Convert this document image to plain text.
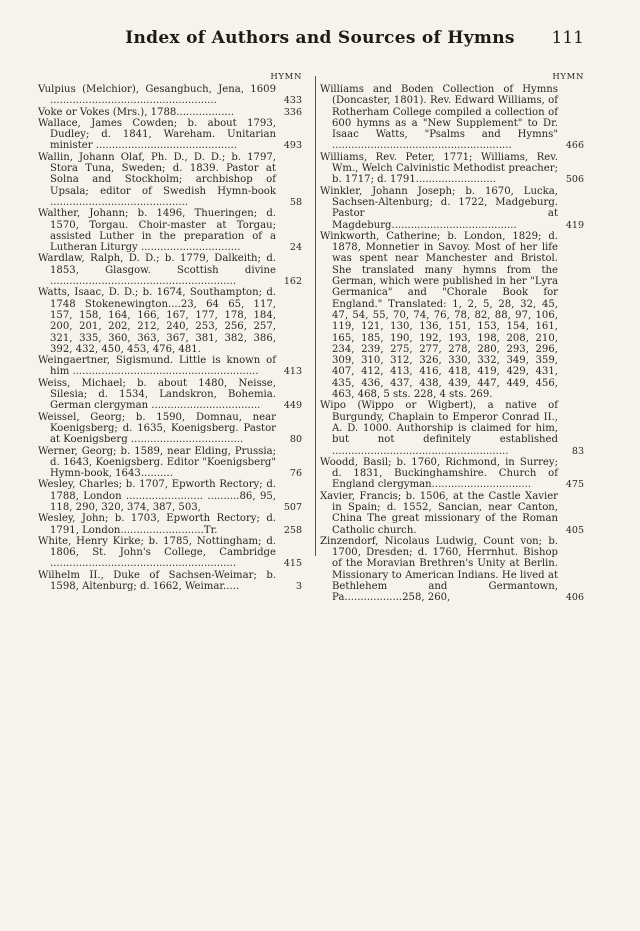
Index of Authors and Sources of Hymns	111
HYMN
Vulpius (Melchior), Gesangbuch, Jena, 1609 ....................................................	433
Voke or Vokes (Mrs.), 1788..................	336
Wallace, James Cowden; b. about 1793, Dudley; d. 1841, Wareham. Unitarian minister ............................................	493
Wallin, Johann Olaf, Ph. D., D. D.; b. 1797, Stora Tuna, Sweden; d. 1839. Pastor at Solna and Stockholm; archbishop of Upsala; editor of Swedish Hymn-book ...........................................	58
Walther, Johann; b. 1496, Thueringen; d. 1570, Torgau. Choir-master at Torgau; assisted Luther in the preparation of a Lutheran Liturgy ...............................	24
Wardlaw, Ralph, D. D.; b. 1779, Dalkeith; d. 1853, Glasgow. Scottish divine ..........................................................	162
Watts, Isaac, D. D.; b. 1674, Southampton; d. 1748 Stokenewington....23, 64 65, 117, 157, 158, 164, 166, 167, 177, 178, 184, 200, 201, 202, 212, 240, 253, 256, 257, 321, 335, 360, 363, 367, 381, 382, 386, 392, 432, 450, 453, 476, 481.
Weingaertner, Sigismund. Little is known of him ..........................................................	413
Weiss, Michael; b. about 1480, Neisse, Silesia; d. 1534, Landskron, Bohemia. German clergyman ..................................	449
Weissel, Georg; b. 1590, Domnau, near Koenigsberg; d. 1635, Koenigsberg. Pastor at Koenigsberg ...................................	80
Werner, Georg; b. 1589, near Elding, Prussia; d. 1643, Koenigsberg. Editor "Koenigsberg" Hymn-book, 1643..........	76
Wesley, Charles; b. 1707, Epworth Rectory; d. 1788, London ........................ ..........86, 95, 118, 290, 320, 374, 387, 503,	507
Wesley, John; b. 1703, Epworth Rectory; d. 1791, London..........................Tr.	258
White, Henry Kirke; b. 1785, Nottingham; d. 1806, St. John's College, Cambridge ..........................................................	415
Wilhelm II., Duke of Sachsen-Weimar; b. 1598, Altenburg; d. 1662, Weimar.....	3
HYMN
Williams and Boden Collection of Hymns (Doncaster, 1801). Rev. Edward Williams, of Rotherham College compiled a collection of 600 hymns as a "New Supplement" to Dr. Isaac Watts, "Psalms and Hymns" ........................................................	466
Williams, Rev. Peter, 1771; Williams, Rev. Wm., Welch Calvinistic Methodist preacher; b. 1717; d. 1791.........................	506
Winkler, Johann Joseph; b. 1670, Lucka, Sachsen-Altenburg; d. 1722, Madgeburg. Pastor at Magdeburg.......................................	419
Winkworth, Catherine; b. London, 1829; d. 1878, Monnetier in Savoy. Most of her life was spent near Manchester and Bristol. She translated many hymns from the German, which were published in her "Lyra Germanica" and "Chorale Book for England." Translated: 1, 2, 5, 28, 32, 45, 47, 54, 55, 70, 74, 76, 78, 82, 88, 97, 106, 119, 121, 130, 136, 151, 153, 154, 161, 165, 185, 190, 192, 193, 198, 208, 210, 234, 239, 275, 277, 278, 280, 293, 296, 309, 310, 312, 326, 330, 332, 349, 359, 407, 412, 413, 416, 418, 419, 429, 431, 435, 436, 437, 438, 439, 447, 449, 456, 463, 468, 5 sts. 228, 4 sts. 269.
Wipo (Wippo or Wigbert), a native of Burgundy, Chaplain to Emperor Conrad II., A. D. 1000. Authorship is claimed for him, but not definitely established .......................................................	83
Woodd, Basil; b. 1760, Richmond, in Surrey; d. 1831, Buckinghamshire. Church of England clergyman...............................	475
Xavier, Francis; b. 1506, at the Castle Xavier in Spain; d. 1552, Sancian, near Canton, China The great missionary of the Roman Catholic church.	405
Zinzendorf, Nicolaus Ludwig, Count von; b. 1700, Dresden; d. 1760, Herrnhut. Bishop of the Moravian Brethren's Unity at Berlin. Missionary to American Indians. He lived at Bethlehem and Germantown, Pa..................258, 260,	406
